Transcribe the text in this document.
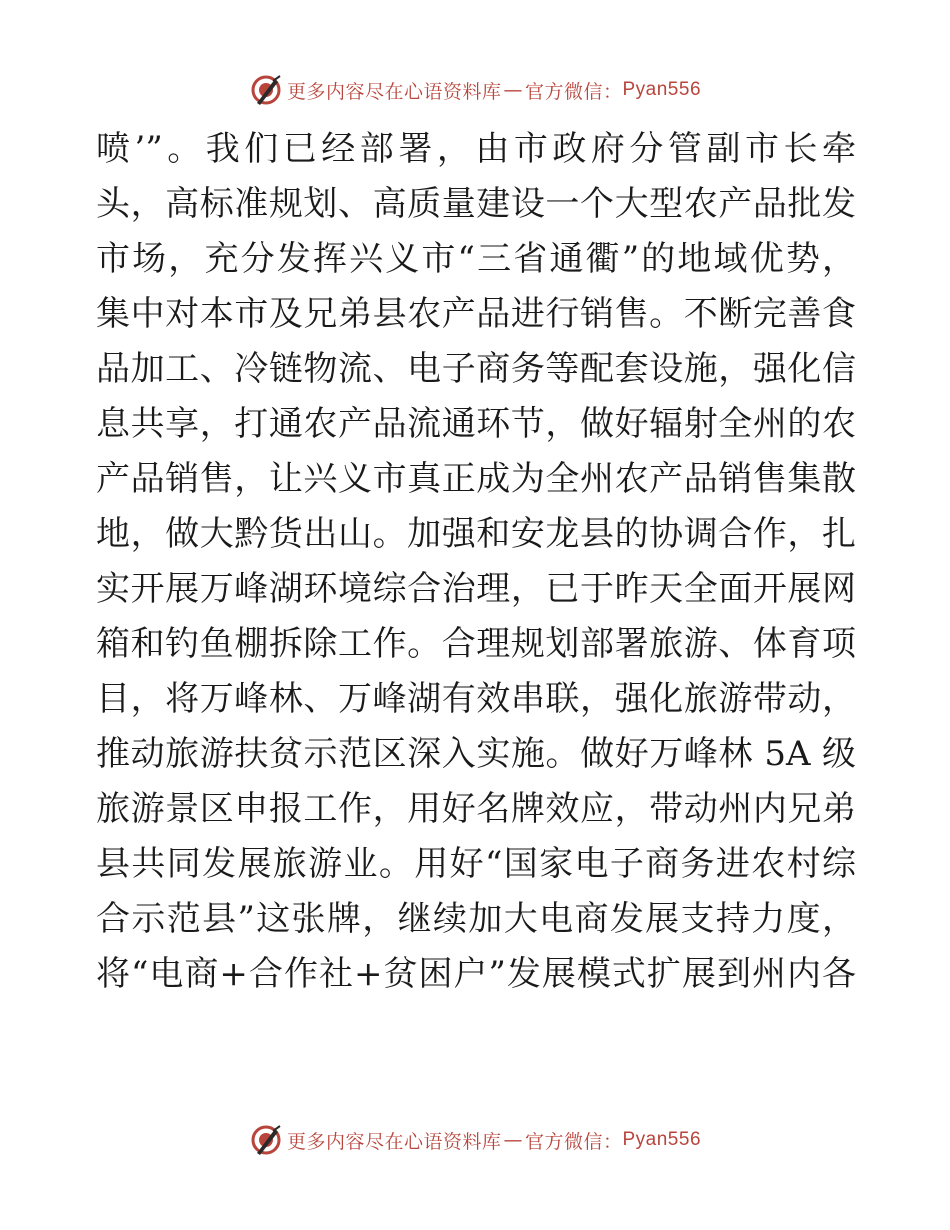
更多内容尽在心语资料库 — 官方微信： Pyan556
喷’”。我们已经部署，由市政府分管副市长牵
头，高标准规划、高质量建设一个大型农产品批发
市场，充分发挥兴义市“三省通衢”的地域优势，
集中对本市及兄弟县农产品进行销售。不断完善食
品加工、冷链物流、电子商务等配套设施，强化信
息共享，打通农产品流通环节，做好辐射全州的农
产品销售，让兴义市真正成为全州农产品销售集散
地，做大黔货出山。加强和安龙县的协调合作，扎
实开展万峰湖环境综合治理，已于昨天全面开展网
箱和钓鱼棚拆除工作。合理规划部署旅游、体育项
目，将万峰林、万峰湖有效串联，强化旅游带动，
推动旅游扶贫示范区深入实施。做好万峰林 5A 级
旅游景区申报工作，用好名牌效应，带动州内兄弟
县共同发展旅游业。用好“国家电子商务进农村综
合示范县”这张牌，继续加大电商发展支持力度，
将“电商+合作社+贫困户”发展模式扩展到州内各
更多内容尽在心语资料库 — 官方微信： Pyan556
